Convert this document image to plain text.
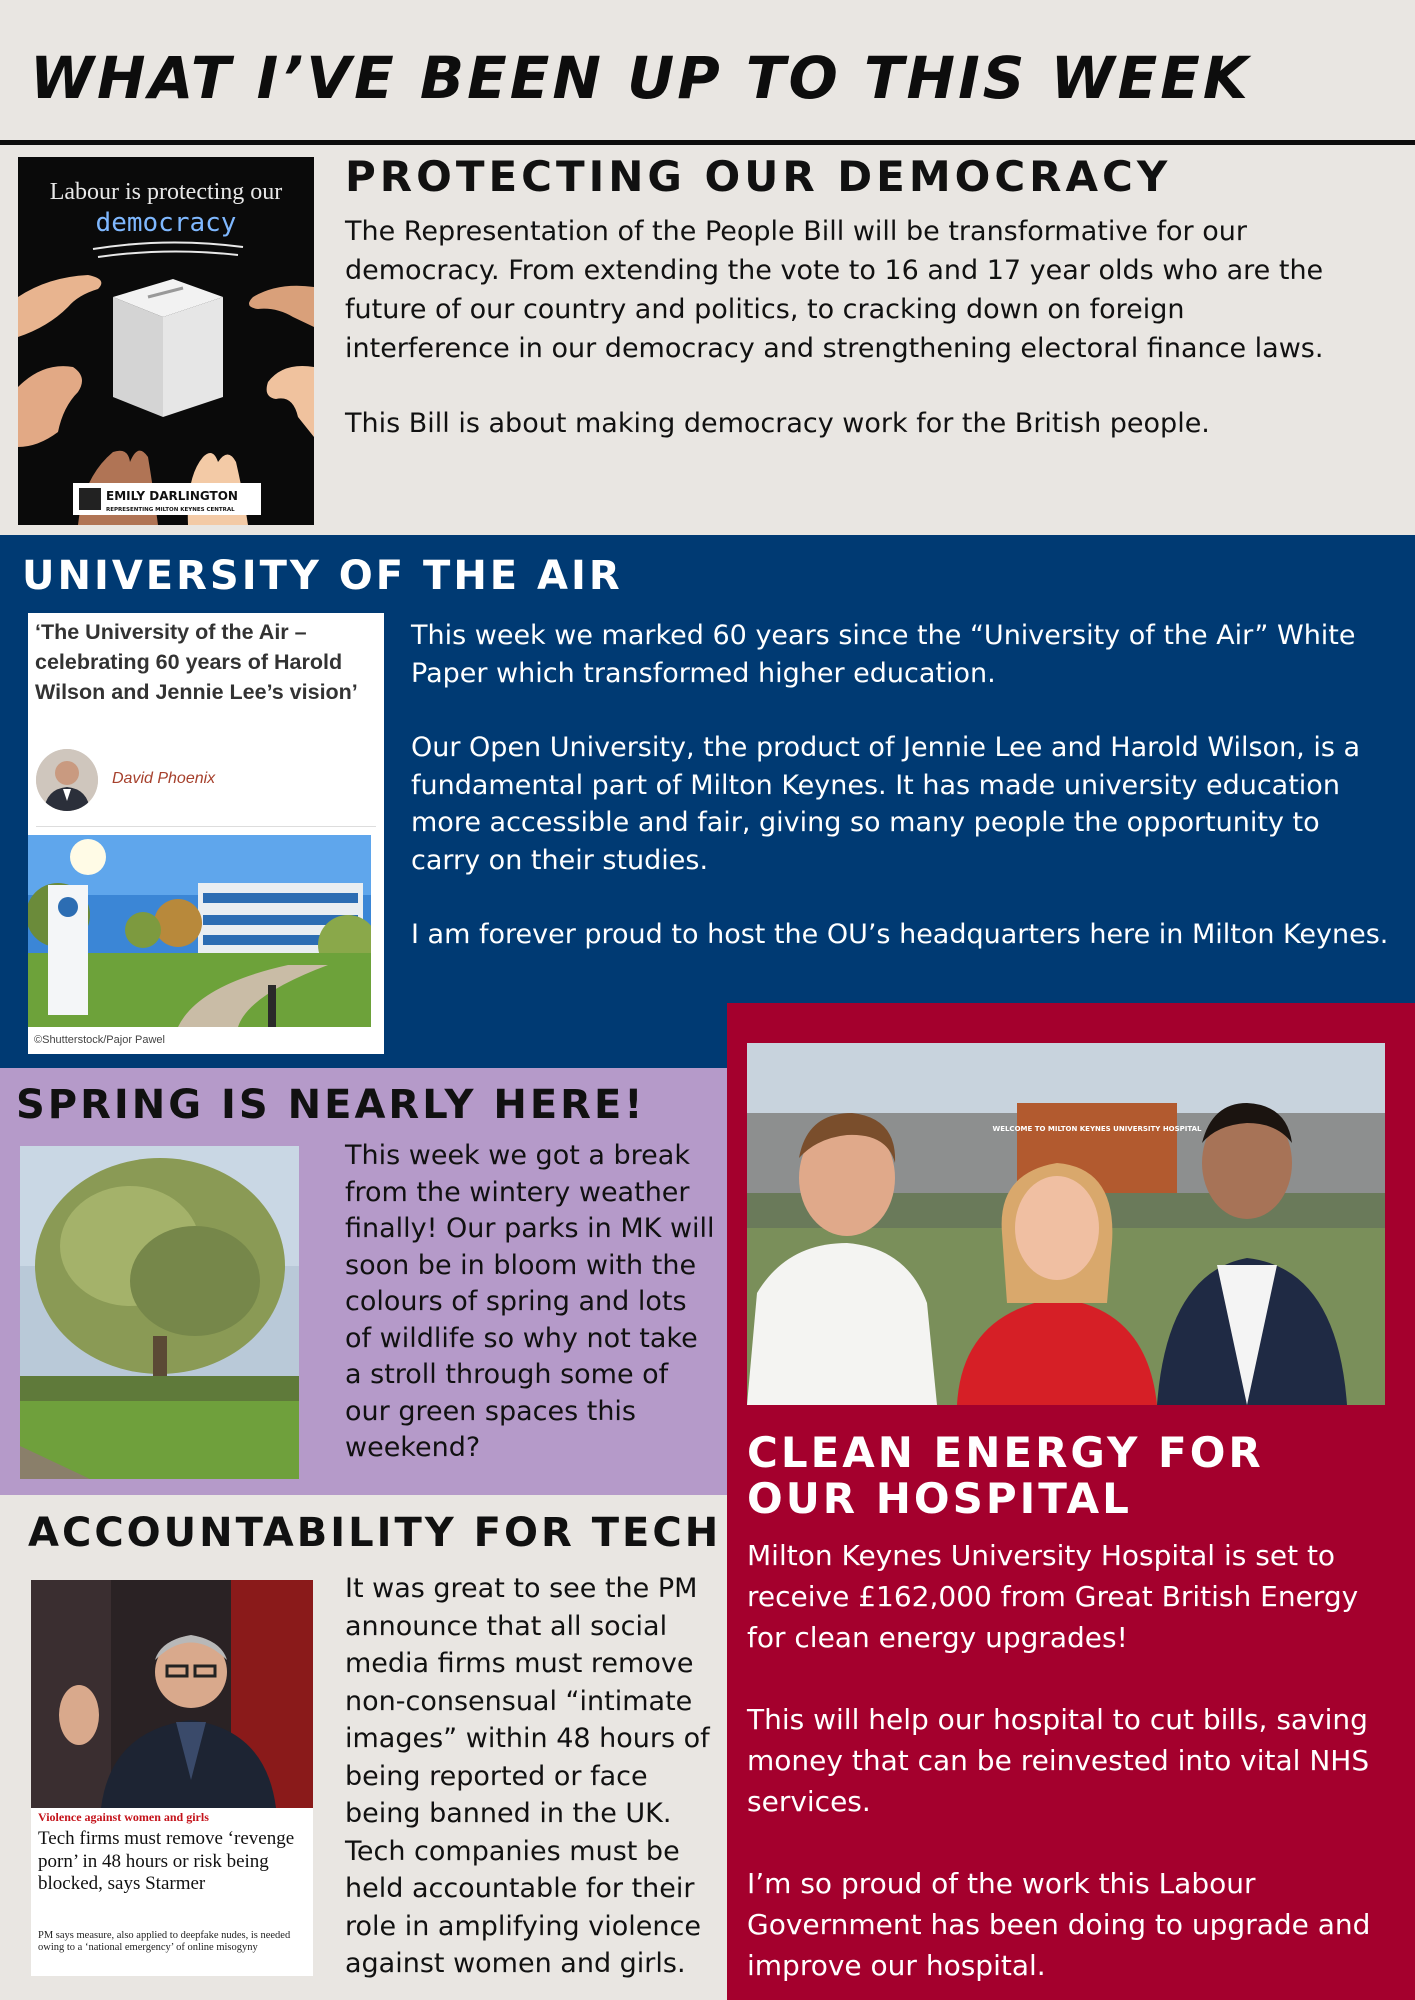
WHAT I’VE BEEN UP TO THIS WEEK
Labour is protecting our
democracy
EMILY DARLINGTON
REPRESENTING MILTON KEYNES CENTRAL
PROTECTING OUR DEMOCRACY
The Representation of the People Bill will be transformative for our democracy. From extending the vote to 16 and 17 year olds who are the future of our country and politics, to cracking down on foreign interference in our democracy and strengthening electoral finance laws.
This Bill is about making democracy work for the British people.
UNIVERSITY OF THE AIR
‘The University of the Air – celebrating 60 years of Harold Wilson and Jennie Lee’s vision’
David Phoenix
©Shutterstock/Pajor Pawel
This week we marked 60 years since the “University of the Air” White Paper which transformed higher education.
Our Open University, the product of Jennie Lee and Harold Wilson, is a fundamental part of Milton Keynes. It has made university education more accessible and fair, giving so many people the opportunity to carry on their studies.
I am forever proud to host the OU’s headquarters here in Milton Keynes.
SPRING IS NEARLY HERE!
This week we got a break from the wintery weather finally! Our parks in MK will soon be in bloom with the colours of spring and lots of wildlife so why not take a stroll through some of our green spaces this weekend?
ACCOUNTABILITY FOR TECH
Violence against women and girls
Tech firms must remove ‘revenge porn’ in 48 hours or risk being blocked, says Starmer
PM says measure, also applied to deepfake nudes, is needed owing to a ‘national emergency’ of online misogyny
It was great to see the PM announce that all social media firms must remove non-consensual “intimate images” within 48 hours of being reported or face being banned in the UK. Tech companies must be held accountable for their role in amplifying violence against women and girls.
WELCOME TO MILTON KEYNES UNIVERSITY HOSPITAL
CLEAN ENERGY FOR OUR HOSPITAL
Milton Keynes University Hospital is set to receive £162,000 from Great British Energy for clean energy upgrades!
This will help our hospital to cut bills, saving money that can be reinvested into vital NHS services.
I’m so proud of the work this Labour Government has been doing to upgrade and improve our hospital.
